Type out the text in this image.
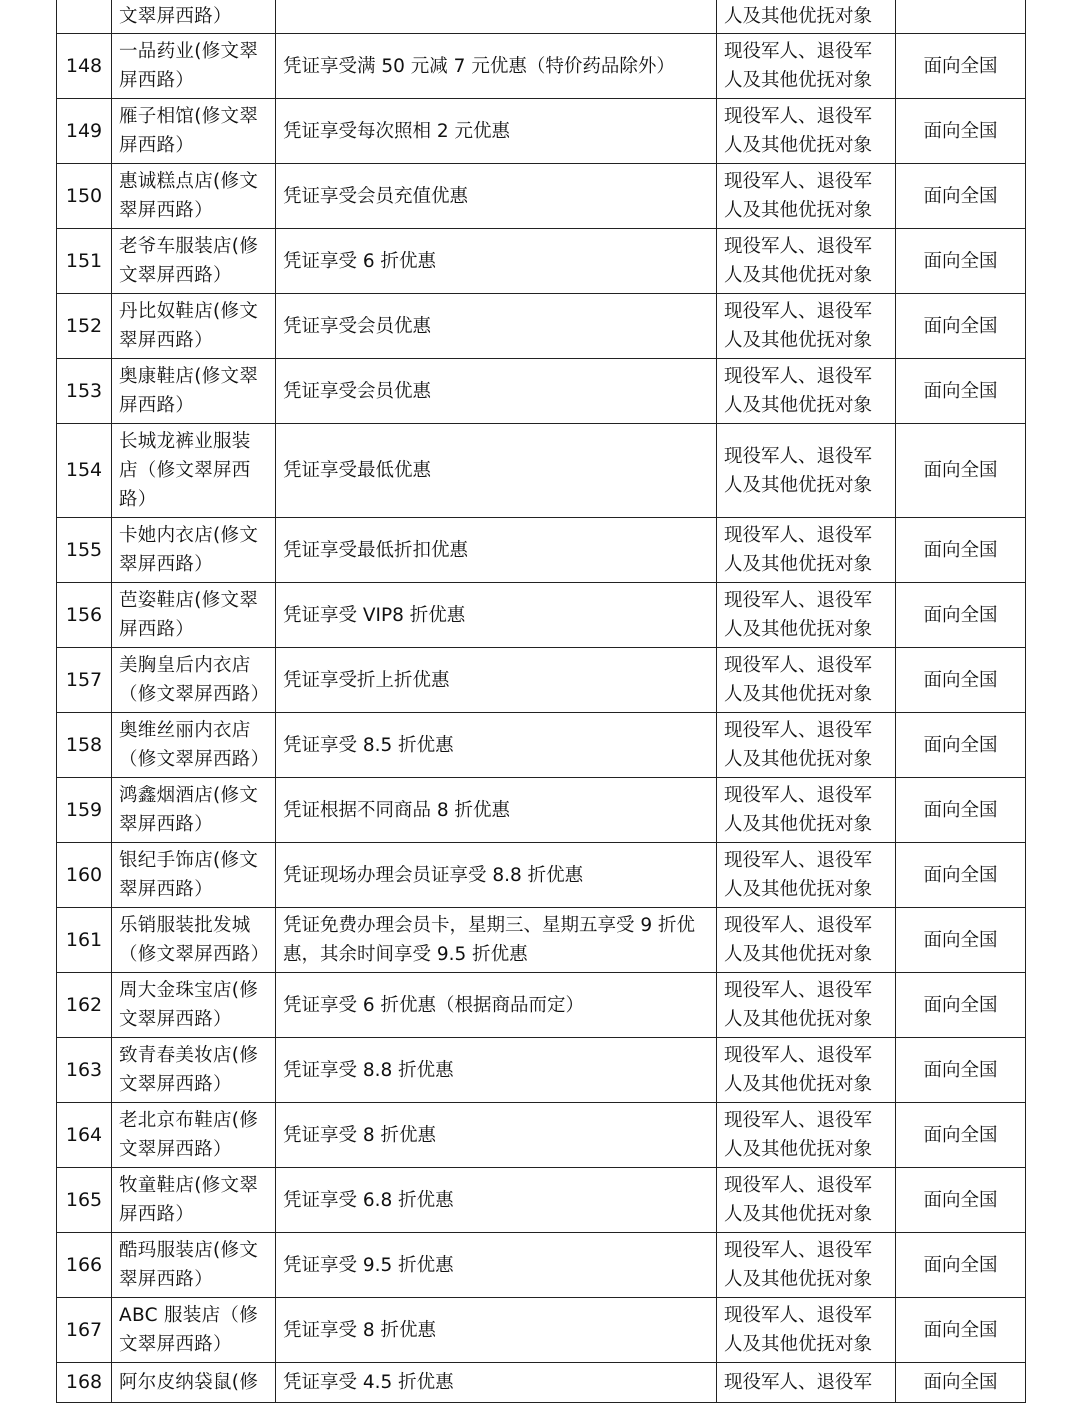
	文翠屏西路）		人及其他优抚对象	
148	一品药业(修文翠屏西路）	凭证享受满 50 元减 7 元优惠（特价药品除外）	现役军人、退役军人及其他优抚对象	面向全国
149	雁子相馆(修文翠屏西路）	凭证享受每次照相 2 元优惠	现役军人、退役军人及其他优抚对象	面向全国
150	惠诚糕点店(修文翠屏西路）	凭证享受会员充值优惠	现役军人、退役军人及其他优抚对象	面向全国
151	老爷车服装店(修文翠屏西路）	凭证享受 6 折优惠	现役军人、退役军人及其他优抚对象	面向全国
152	丹比奴鞋店(修文翠屏西路）	凭证享受会员优惠	现役军人、退役军人及其他优抚对象	面向全国
153	奥康鞋店(修文翠屏西路）	凭证享受会员优惠	现役军人、退役军人及其他优抚对象	面向全国
154	长城龙裤业服装店（修文翠屏西路）	凭证享受最低优惠	现役军人、退役军人及其他优抚对象	面向全国
155	卡她内衣店(修文翠屏西路）	凭证享受最低折扣优惠	现役军人、退役军人及其他优抚对象	面向全国
156	芭姿鞋店(修文翠屏西路）	凭证享受 VIP8 折优惠	现役军人、退役军人及其他优抚对象	面向全国
157	美胸皇后内衣店（修文翠屏西路）	凭证享受折上折优惠	现役军人、退役军人及其他优抚对象	面向全国
158	奥维丝丽内衣店（修文翠屏西路）	凭证享受 8.5 折优惠	现役军人、退役军人及其他优抚对象	面向全国
159	鸿鑫烟酒店(修文翠屏西路）	凭证根据不同商品 8 折优惠	现役军人、退役军人及其他优抚对象	面向全国
160	银纪手饰店(修文翠屏西路）	凭证现场办理会员证享受 8.8 折优惠	现役军人、退役军人及其他优抚对象	面向全国
161	乐销服装批发城（修文翠屏西路）	凭证免费办理会员卡，星期三、星期五享受 9 折优惠，其余时间享受 9.5 折优惠	现役军人、退役军人及其他优抚对象	面向全国
162	周大金珠宝店(修文翠屏西路）	凭证享受 6 折优惠（根据商品而定）	现役军人、退役军人及其他优抚对象	面向全国
163	致青春美妆店(修文翠屏西路）	凭证享受 8.8 折优惠	现役军人、退役军人及其他优抚对象	面向全国
164	老北京布鞋店(修文翠屏西路）	凭证享受 8 折优惠	现役军人、退役军人及其他优抚对象	面向全国
165	牧童鞋店(修文翠屏西路）	凭证享受 6.8 折优惠	现役军人、退役军人及其他优抚对象	面向全国
166	酷玛服装店(修文翠屏西路）	凭证享受 9.5 折优惠	现役军人、退役军人及其他优抚对象	面向全国
167	ABC 服装店（修文翠屏西路）	凭证享受 8 折优惠	现役军人、退役军人及其他优抚对象	面向全国
168	阿尔皮纳袋鼠(修	凭证享受 4.5 折优惠	现役军人、退役军	面向全国
